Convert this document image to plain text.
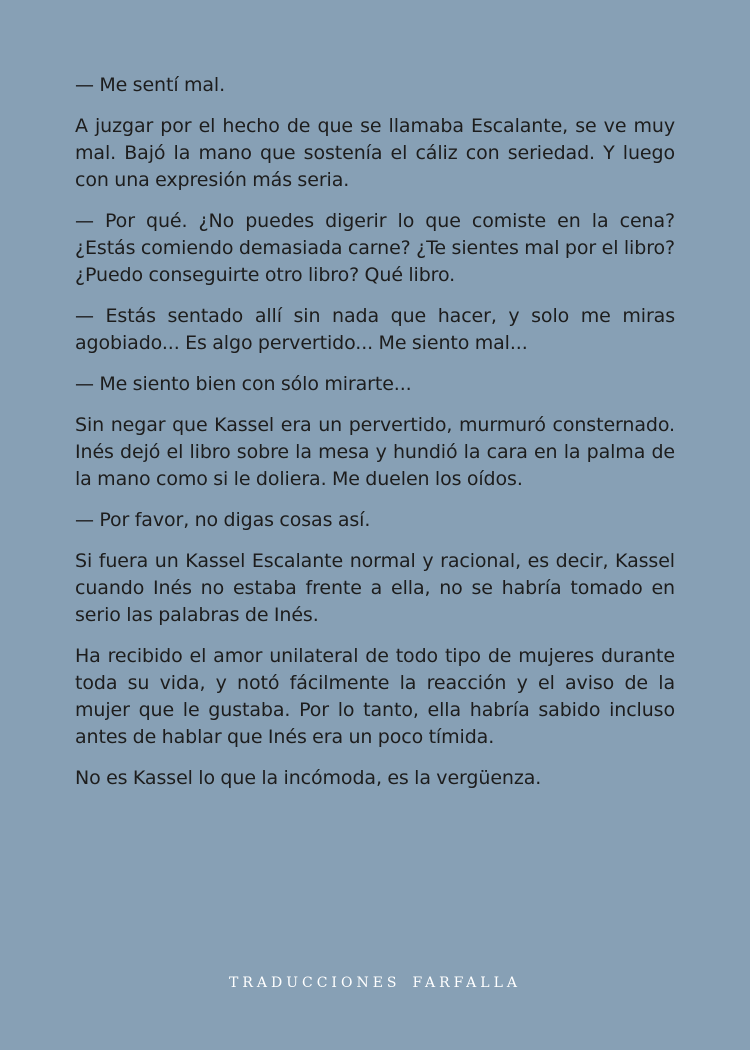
— Me sentí mal.

A juzgar por el hecho de que se llamaba Escalante, se ve muy mal. Bajó la mano que sostenía el cáliz con seriedad. Y luego con una expresión más seria.

— Por qué. ¿No puedes digerir lo que comiste en la cena? ¿Estás comiendo demasiada carne? ¿Te sientes mal por el libro? ¿Puedo conseguirte otro libro? Qué libro.

— Estás sentado allí sin nada que hacer, y solo me miras agobiado... Es algo pervertido... Me siento mal...

— Me siento bien con sólo mirarte...

Sin negar que Kassel era un pervertido, murmuró consternado. Inés dejó el libro sobre la mesa y hundió la cara en la palma de la mano como si le doliera. Me duelen los oídos.

— Por favor, no digas cosas así.

Si fuera un Kassel Escalante normal y racional, es decir, Kassel cuando Inés no estaba frente a ella, no se habría tomado en serio las palabras de Inés.

Ha recibido el amor unilateral de todo tipo de mujeres durante toda su vida, y notó fácilmente la reacción y el aviso de la mujer que le gustaba. Por lo tanto, ella habría sabido incluso antes de hablar que Inés era un poco tímida.

No es Kassel lo que la incómoda, es la vergüenza.

TRADUCCIONES FARFALLA
